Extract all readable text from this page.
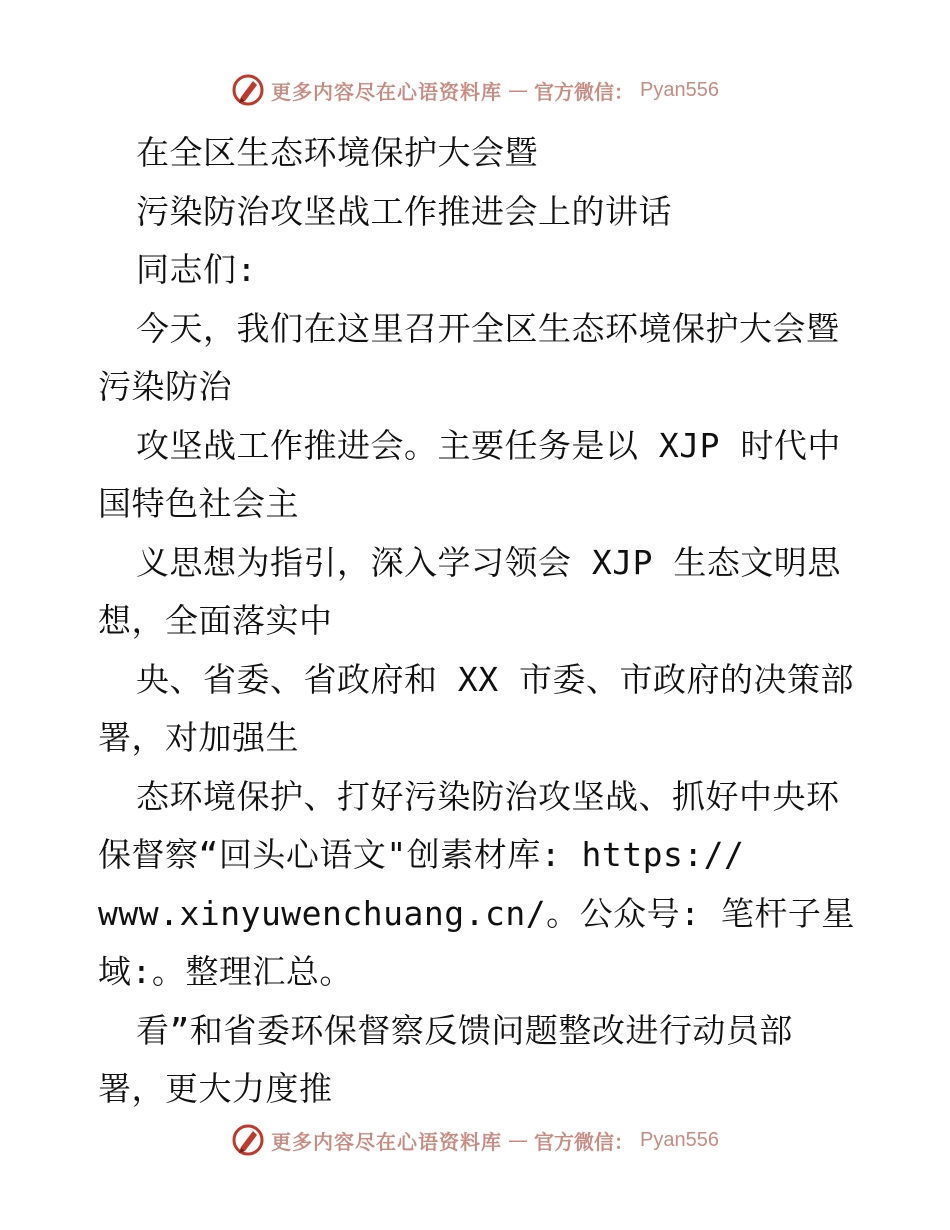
更多内容尽在心语资料库 — 官方微信： Pyan556
在全区生态环境保护大会暨
污染防治攻坚战工作推进会上的讲话
同志们:
今天，我们在这里召开全区生态环境保护大会暨
污染防治
攻坚战工作推进会。主要任务是以 XJP 时代中
国特色社会主
义思想为指引，深入学习领会 XJP 生态文明思
想，全面落实中
央、省委、省政府和 XX 市委、市政府的决策部
署，对加强生
态环境保护、打好污染防治攻坚战、抓好中央环
保督察“回头心语文"创素材库: https://
www.xinyuwenchuang.cn/。公众号: 笔杆子星
域:。整理汇总。
看”和省委环保督察反馈问题整改进行动员部
署，更大力度推
更多内容尽在心语资料库 — 官方微信： Pyan556
